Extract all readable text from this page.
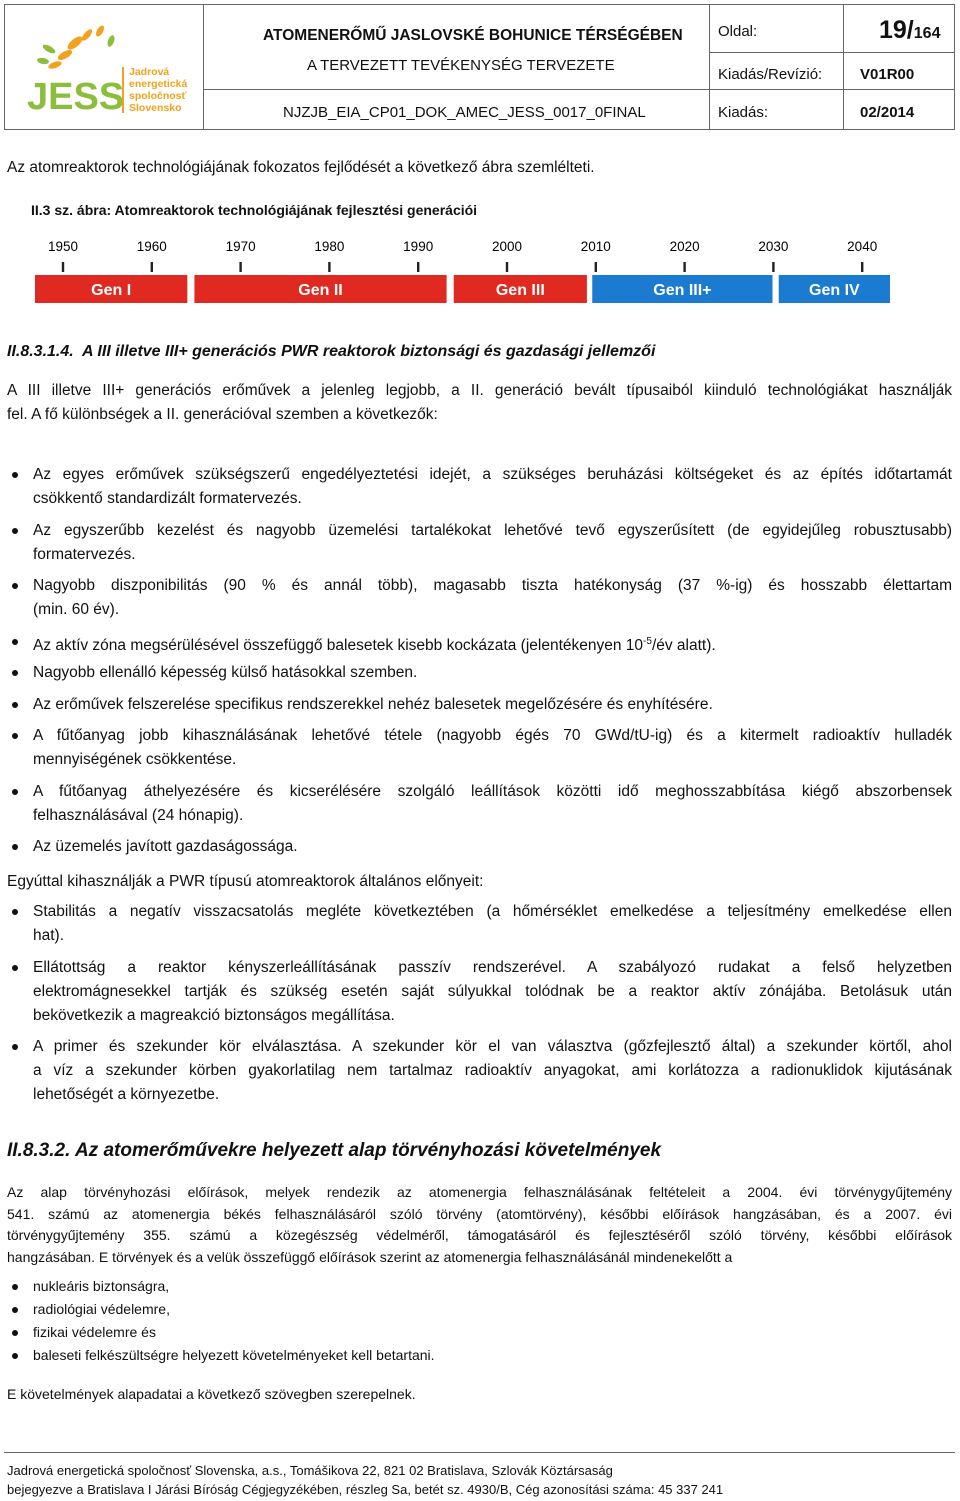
JESS
Jadrová energetická spoločnosť Slovensko
ATOMENERŐMŰ JASLOVSKÉ BOHUNICE TÉRSÉGÉBEN
A TERVEZETT TEVÉKENYSÉG TERVEZETE
NJZJB_EIA_CP01_DOK_AMEC_JESS_0017_0FINAL
Oldal:	19/164
Kiadás/Revízió:	V01R00
Kiadás:	02/2014
Az atomreaktorok technológiájának fokozatos fejlődését a következő ábra szemlélteti.
II.3 sz. ábra: Atomreaktorok technológiájának fejlesztési generációi
1950	1960	1970	1980	1990	2000	2010	2020	2030	2040
Gen I	Gen II	Gen III	Gen III+	Gen IV
II.8.3.1.4. A III illetve III+ generációs PWR reaktorok biztonsági és gazdasági jellemzői
A III illetve III+ generációs erőművek a jelenleg legjobb, a II. generáció bevált típusaiból kiinduló technológiákat használják
fel. A fő különbségek a II. generációval szemben a következők:
Az egyes erőművek szükségszerű engedélyeztetési idejét, a szükséges beruházási költségeket és az építés időtartamát
csökkentő standardizált formatervezés.
Az egyszerűbb kezelést és nagyobb üzemelési tartalékokat lehetővé tevő egyszerűsített (de egyidejűleg robusztusabb)
formatervezés.
Nagyobb diszponibilitás (90 % és annál több), magasabb tiszta hatékonyság (37 %-ig) és hosszabb élettartam
(min. 60 év).
Az aktív zóna megsérülésével összefüggő balesetek kisebb kockázata (jelentékenyen $10^{-5}/év$ alatt).
Nagyobb ellenálló képesség külső hatásokkal szemben.
Az erőművek felszerelése specifikus rendszerekkel nehéz balesetek megelőzésére és enyhítésére.
A fűtőanyag jobb kihasználásának lehetővé tétele (nagyobb égés 70 GWd/tU-ig) és a kitermelt radioaktív hulladék
mennyiségének csökkentése.
A fűtőanyag áthelyezésére és kicserélésére szolgáló leállítások közötti idő meghosszabbítása kiégő abszorbensek
felhasználásával (24 hónapig).
Az üzemelés javított gazdaságossága.
Egyúttal kihasználják a PWR típusú atomreaktorok általános előnyeit:
Stabilitás a negatív visszacsatolás megléte következtében (a hőmérséklet emelkedése a teljesítmény emelkedése ellen
hat).
Ellátottság a reaktor kényszerleállításának passzív rendszerével. A szabályozó rudakat a felső helyzetben
elektromágnesekkel tartják és szükség esetén saját súlyukkal tolódnak be a reaktor aktív zónájába. Betolásuk után
bekövetkezik a magreakció biztonságos megállítása.
A primer és szekunder kör elválasztása. A szekunder kör el van választva (gőzfejlesztő által) a szekunder körtől, ahol
a víz a szekunder körben gyakorlatilag nem tartalmaz radioaktív anyagokat, ami korlátozza a radionuklidok kijutásának
lehetőségét a környezetbe.
II.8.3.2. Az atomerőművekre helyezett alap törvényhozási követelmények
Az alap törvényhozási előírások, melyek rendezik az atomenergia felhasználásának feltételeit a 2004. évi törvénygyűjtemény
541. számú az atomenergia békés felhasználásáról szóló törvény (atomtörvény), későbbi előírások hangzásában, és a 2007. évi
törvénygyűjtemény 355. számú a közegészség védelméről, támogatásáról és fejlesztéséről szóló törvény, későbbi előírások
hangzásában. E törvények és a velük összefüggő előírások szerint az atomenergia felhasználásánál mindenekelőtt a
nukleáris biztonságra,
radiológiai védelemre,
fizikai védelemre és
baleseti felkészültségre helyezett követelményeket kell betartani.
E követelmények alapadatai a következő szövegben szerepelnek.
Jadrová energetická spoločnosť Slovenska, a.s., Tomášikova 22, 821 02 Bratislava, Szlovák Köztársaság
bejegyezve a Bratislava I Járási Bíróság Cégjegyzékében, részleg Sa, betét sz. 4930/B, Cég azonosítási száma: 45 337 241
